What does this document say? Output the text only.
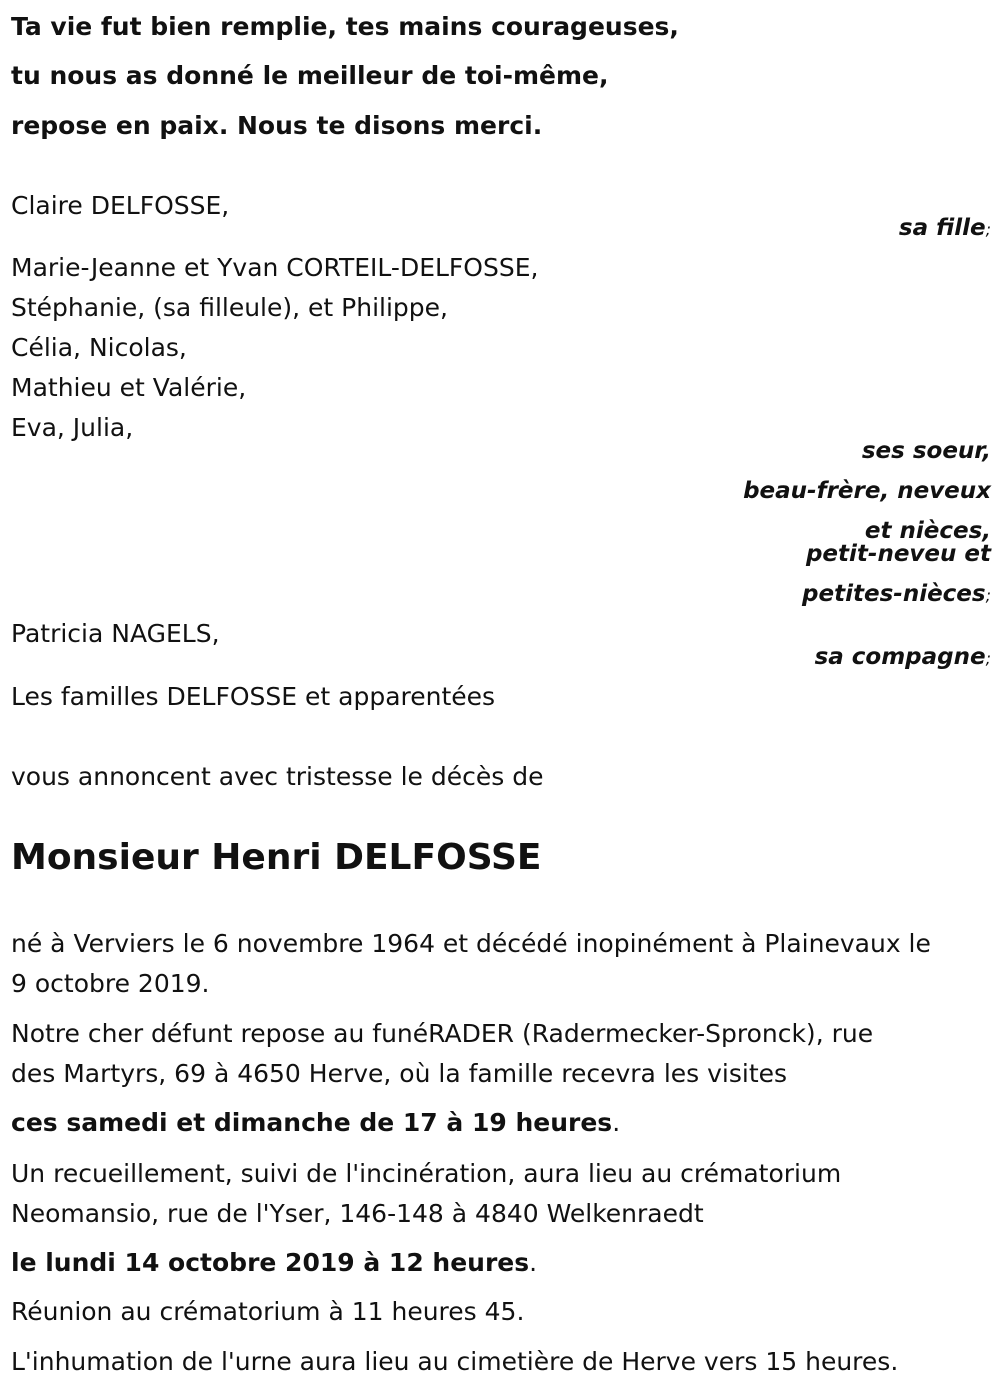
Ta vie fut bien remplie, tes mains courageuses,

tu nous as donné le meilleur de toi-même,

repose en paix. Nous te disons merci.

Claire DELFOSSE,

sa fille;

Marie-Jeanne et Yvan CORTEIL-DELFOSSE,

Stéphanie, (sa filleule), et Philippe,

Célia, Nicolas,

Mathieu et Valérie,

Eva, Julia,

ses soeur,

beau-frère, neveux

et nièces,

petit-neveu et

petites-nièces;

Patricia NAGELS,

sa compagne;

Les familles DELFOSSE et apparentées

vous annoncent avec tristesse le décès de

Monsieur Henri DELFOSSE

né à Verviers le 6 novembre 1964 et décédé inopinément à Plainevaux le

9 octobre 2019.

Notre cher défunt repose au funéRADER (Radermecker-Spronck), rue

des Martyrs, 69 à 4650 Herve, où la famille recevra les visites

ces samedi et dimanche de 17 à 19 heures.

Un recueillement, suivi de l'incinération, aura lieu au crématorium

Neomansio, rue de l'Yser, 146-148 à 4840 Welkenraedt

le lundi 14 octobre 2019 à 12 heures.

Réunion au crématorium à 11 heures 45.

L'inhumation de l'urne aura lieu au cimetière de Herve vers 15 heures.
